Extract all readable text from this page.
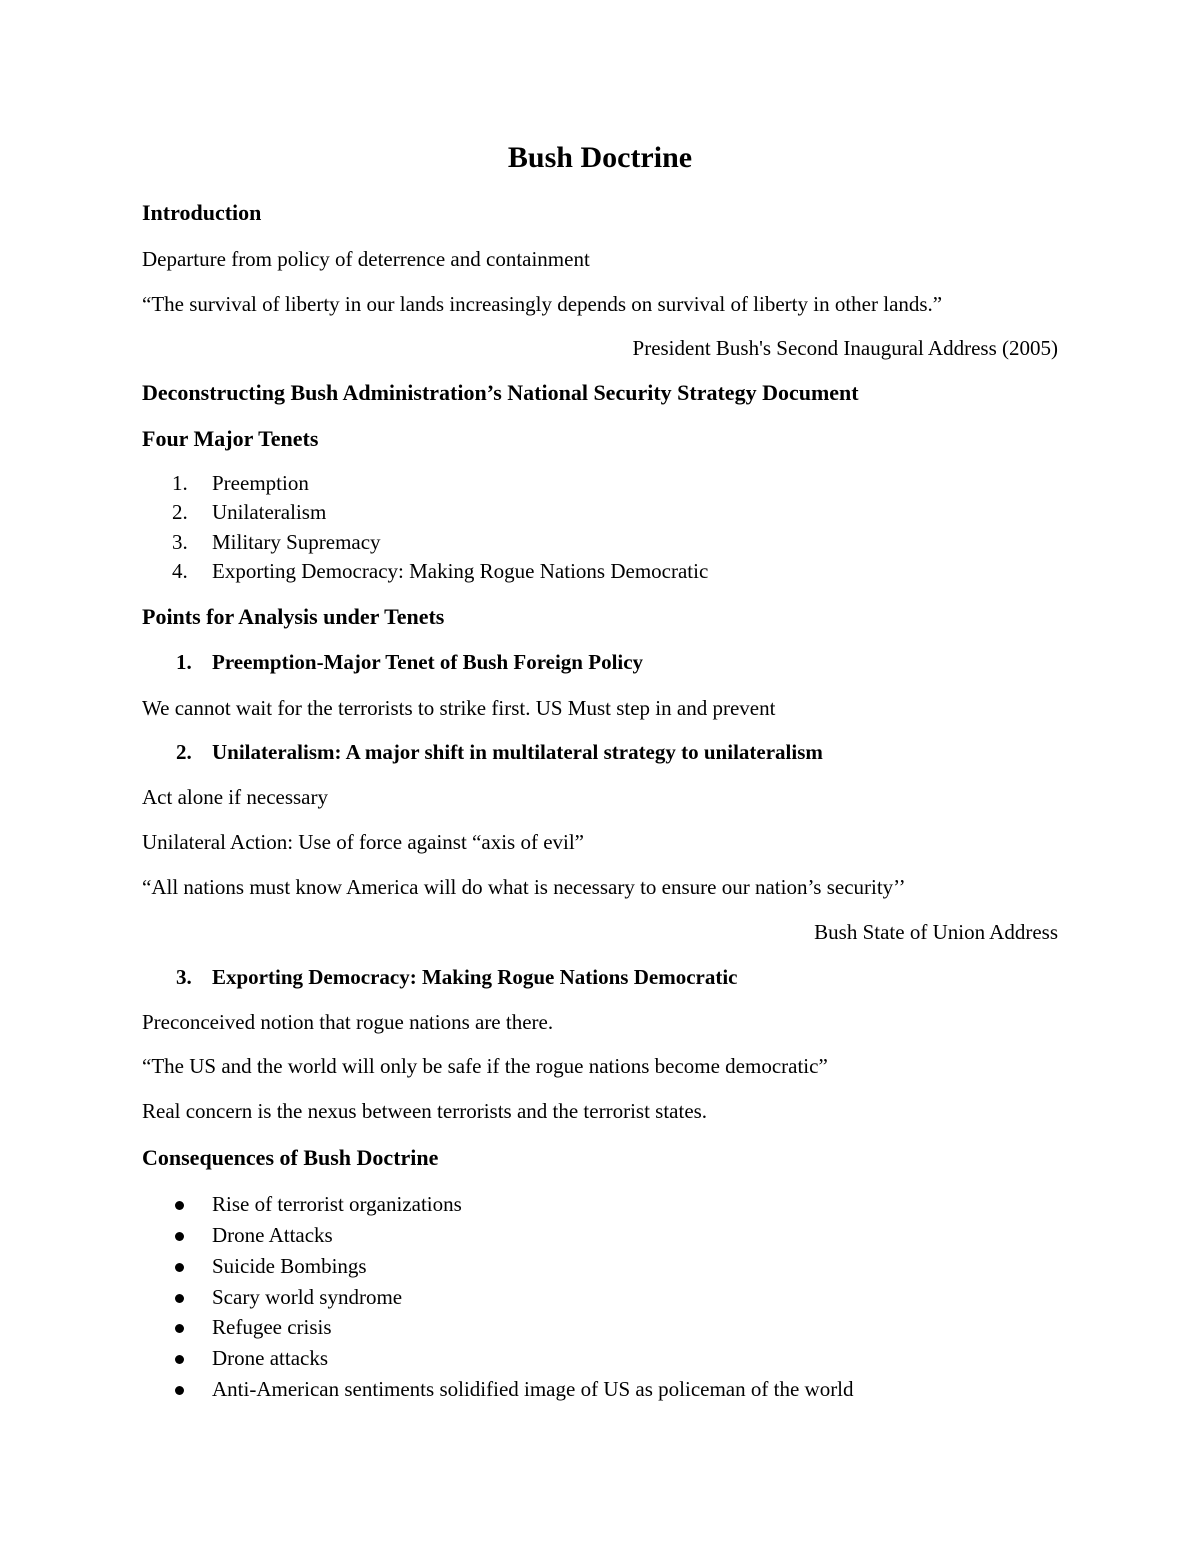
Bush Doctrine
Introduction
Departure from policy of deterrence and containment
“The survival of liberty in our lands increasingly depends on survival of liberty in other lands.”
President Bush's Second Inaugural Address (2005)
Deconstructing Bush Administration’s National Security Strategy Document
Four Major Tenets
1.	Preemption
2.	Unilateralism
3.	Military Supremacy
4.	Exporting Democracy: Making Rogue Nations Democratic
Points for Analysis under Tenets
1. Preemption-Major Tenet of Bush Foreign Policy
We cannot wait for the terrorists to strike first. US Must step in and prevent
2. Unilateralism: A major shift in multilateral strategy to unilateralism
Act alone if necessary
Unilateral Action: Use of force against “axis of evil”
“All nations must know America will do what is necessary to ensure our nation’s security’’
Bush State of Union Address
3. Exporting Democracy: Making Rogue Nations Democratic
Preconceived notion that rogue nations are there.
“The US and the world will only be safe if the rogue nations become democratic”
Real concern is the nexus between terrorists and the terrorist states.
Consequences of Bush Doctrine
Rise of terrorist organizations
Drone Attacks
Suicide Bombings
Scary world syndrome
Refugee crisis
Drone attacks
Anti-American sentiments solidified image of US as policeman of the world
